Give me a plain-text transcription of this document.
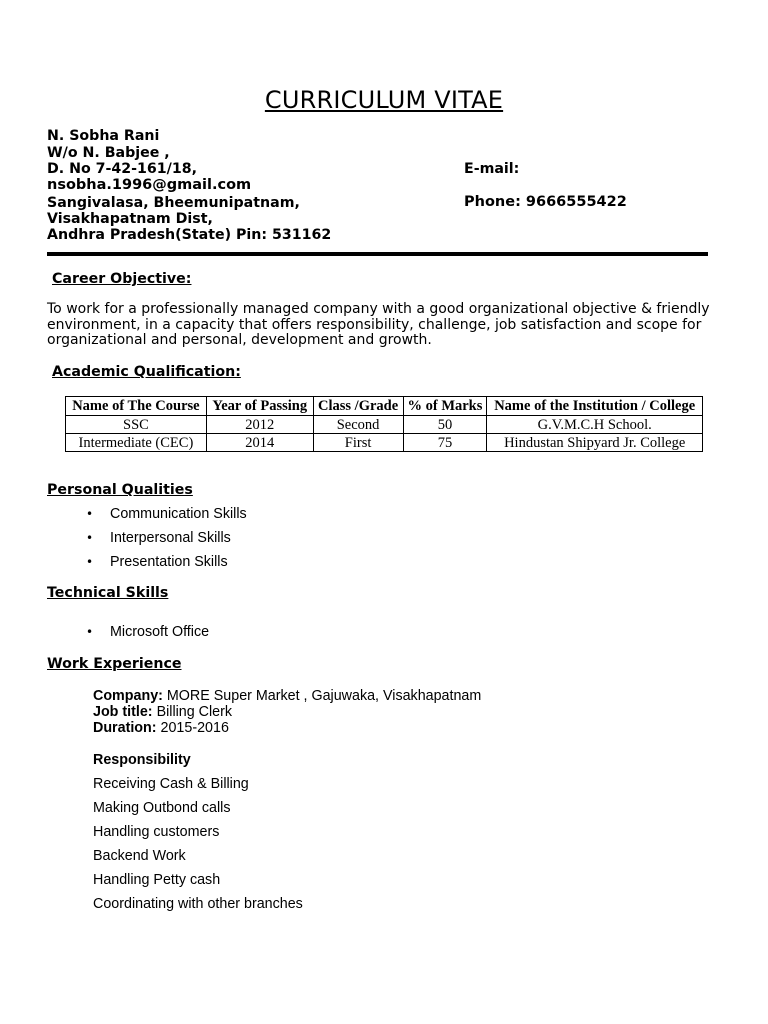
CURRICULUM VITAE
N. Sobha Rani
W/o N. Babjee ,
D. No 7-42-161/18,	E-mail:
nsobha.1996@gmail.com
Sangivalasa, Bheemunipatnam,	Phone: 9666555422
Visakhapatnam Dist,
Andhra Pradesh(State) Pin: 531162
Career Objective:
To work for a professionally managed company with a good organizational objective & friendly environment, in a capacity that offers responsibility, challenge, job satisfaction and scope for organizational and personal, development and growth.
Academic Qualification:
Name of The Course	Year of Passing	Class /Grade	% of Marks	Name of the Institution / College
SSC	2012	Second	50	G.V.M.C.H School.
Intermediate (CEC)	2014	First	75	Hindustan Shipyard Jr. College
Personal Qualities
• Communication Skills
• Interpersonal Skills
• Presentation Skills
Technical Skills
• Microsoft Office
Work Experience
Company: MORE Super Market , Gajuwaka, Visakhapatnam
Job title: Billing Clerk
Duration: 2015-2016
Responsibility
Receiving Cash & Billing
Making Outbond calls
Handling customers
Backend Work
Handling Petty cash
Coordinating with other branches
